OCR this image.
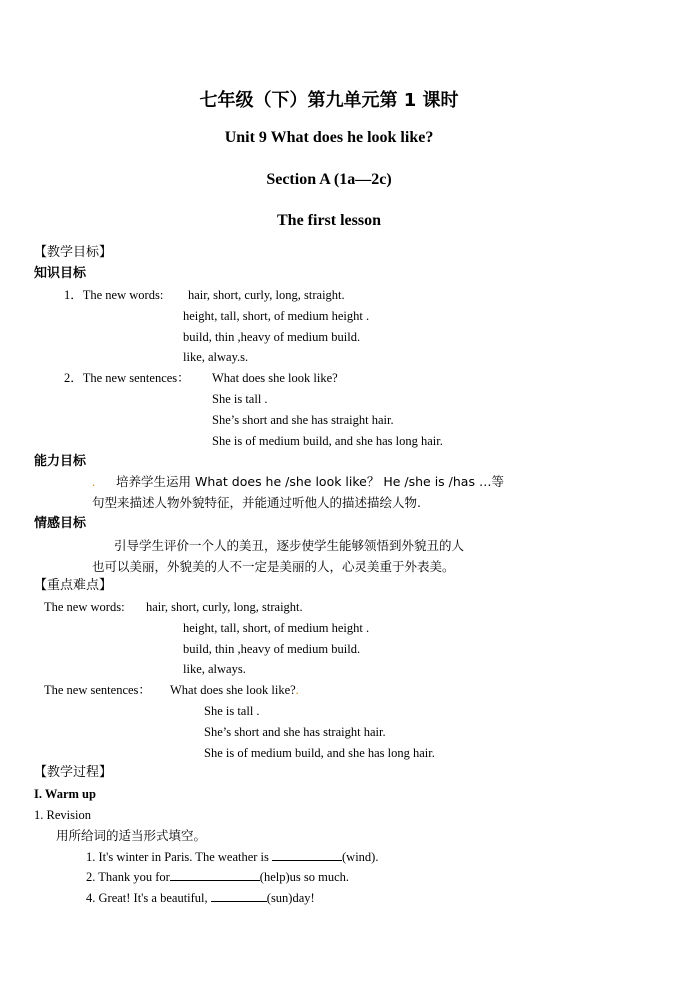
七年级（下）第九单元第 1 课时
Unit 9 What does he look like?
Section A (1a—2c)
The first lesson
【教学目标】
知识目标
1．The new words: hair, short, curly, long, straight.
height, tall, short, of medium height .
build, thin ,heavy of medium build.
like, alway.s.
2．The new sentences： What does she look like?
She is tall .
She’s short and she has straight hair.
She is of medium build, and she has long hair.
能力目标
. 培养学生运用 What does he /she look like？ He /she is /has …等
句型来描述人物外貌特征，并能通过听他人的描述描绘人物.
情感目标
引导学生评价一个人的美丑，逐步使学生能够领悟到外貌丑的人
也可以美丽，外貌美的人不一定是美丽的人，心灵美重于外表美。
【重点难点】
The new words: hair, short, curly, long, straight.
height, tall, short, of medium height .
build, thin ,heavy of medium build.
like, always.
The new sentences： What does she look like?.
She is tall .
She’s short and she has straight hair.
She is of medium build, and she has long hair.
【教学过程】
I. Warm up
1. Revision
用所给词的适当形式填空。
1. It's winter in Paris. The weather is	(wind).
2. Thank you for	(help)us so much.
4. Great! It's a beautiful,	(sun)day!
